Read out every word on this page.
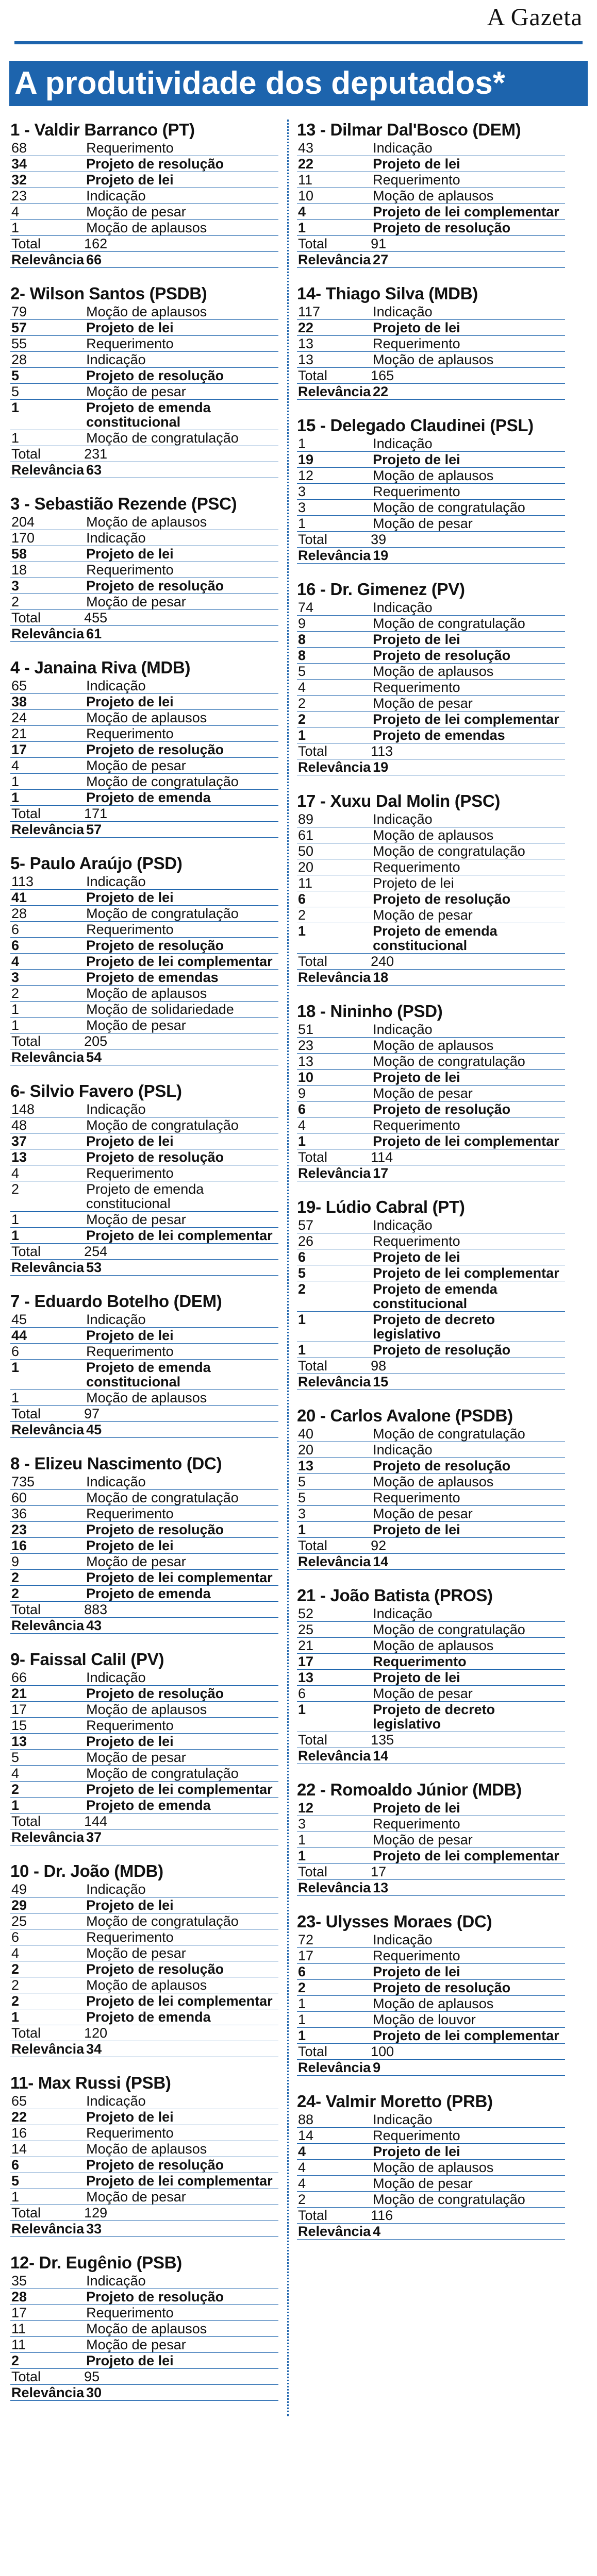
A Gazeta
A produtividade dos deputados*
1 - Valdir Barranco (PT)
68	Requerimento
34	Projeto de resolução
32	Projeto de lei
23	Indicação
4	Moção de pesar
1	Moção de aplausos
Total	162
Relevância	66
2- Wilson Santos (PSDB)
79	Moção de aplausos
57	Projeto de lei
55	Requerimento
28	Indicação
5	Projeto de resolução
5	Moção de pesar
1	Projeto de emenda constitucional
1	Moção de congratulação
Total	231
Relevância	63
3 - Sebastião Rezende (PSC)
204	Moção de aplausos
170	Indicação
58	Projeto de lei
18	Requerimento
3	Projeto de resolução
2	Moção de pesar
Total	455
Relevância	61
4 - Janaina Riva (MDB)
65	Indicação
38	Projeto de lei
24	Moção de aplausos
21	Requerimento
17	Projeto de resolução
4	Moção de pesar
1	Moção de congratulação
1	Projeto de emenda
Total	171
Relevância	57
5- Paulo Araújo (PSD)
113	Indicação
41	Projeto de lei
28	Moção de congratulação
6	Requerimento
6	Projeto de resolução
4	Projeto de lei complementar
3	Projeto de emendas
2	Moção de aplausos
1	Moção de solidariedade
1	Moção de pesar
Total	205
Relevância	54
6- Silvio Favero (PSL)
148	Indicação
48	Moção de congratulação
37	Projeto de lei
13	Projeto de resolução
4	Requerimento
2	Projeto de emenda constitucional
1	Moção de pesar
1	Projeto de lei complementar
Total	254
Relevância	53
7 - Eduardo Botelho (DEM)
45	Indicação
44	Projeto de lei
6	Requerimento
1	Projeto de emenda constitucional
1	Moção de aplausos
Total	97
Relevância	45
8 - Elizeu Nascimento (DC)
735	Indicação
60	Moção de congratulação
36	Requerimento
23	Projeto de resolução
16	Projeto de lei
9	Moção de pesar
2	Projeto de lei complementar
2	Projeto de emenda
Total	883
Relevância	43
9- Faissal Calil (PV)
66	Indicação
21	Projeto de resolução
17	Moção de aplausos
15	Requerimento
13	Projeto de lei
5	Moção de pesar
4	Moção de congratulação
2	Projeto de lei complementar
1	Projeto de emenda
Total	144
Relevância	37
10 - Dr. João (MDB)
49	Indicação
29	Projeto de lei
25	Moção de congratulação
6	Requerimento
4	Moção de pesar
2	Projeto de resolução
2	Moção de aplausos
2	Projeto de lei complementar
1	Projeto de emenda
Total	120
Relevância	34
11- Max Russi (PSB)
65	Indicação
22	Projeto de lei
16	Requerimento
14	Moção de aplausos
6	Projeto de resolução
5	Projeto de lei complementar
1	Moção de pesar
Total	129
Relevância	33
12- Dr. Eugênio (PSB)
35	Indicação
28	Projeto de resolução
17	Requerimento
11	Moção de aplausos
11	Moção de pesar
2	Projeto de lei
Total	95
Relevância	30
13 - Dilmar Dal'Bosco (DEM)
43	Indicação
22	Projeto de lei
11	Requerimento
10	Moção de aplausos
4	Projeto de lei complementar
1	Projeto de resolução
Total	91
Relevância	27
14- Thiago Silva (MDB)
117	Indicação
22	Projeto de lei
13	Requerimento
13	Moção de aplausos
Total	165
Relevância	22
15 - Delegado Claudinei (PSL)
1	Indicação
19	Projeto de lei
12	Moção de aplausos
3	Requerimento
3	Moção de congratulação
1	Moção de pesar
Total	39
Relevância	19
16 - Dr. Gimenez (PV)
74	Indicação
9	Moção de congratulação
8	Projeto de lei
8	Projeto de resolução
5	Moção de aplausos
4	Requerimento
2	Moção de pesar
2	Projeto de lei complementar
1	Projeto de emendas
Total	113
Relevância	19
17 - Xuxu Dal Molin (PSC)
89	Indicação
61	Moção de aplausos
50	Moção de congratulação
20	Requerimento
11	Projeto de lei
6	Projeto de resolução
2	Moção de pesar
1	Projeto de emenda constitucional
Total	240
Relevância	18
18 - Nininho (PSD)
51	Indicação
23	Moção de aplausos
13	Moção de congratulação
10	Projeto de lei
9	Moção de pesar
6	Projeto de resolução
4	Requerimento
1	Projeto de lei complementar
Total	114
Relevância	17
19- Lúdio Cabral (PT)
57	Indicação
26	Requerimento
6	Projeto de lei
5	Projeto de lei complementar
2	Projeto de emenda constitucional
1	Projeto de decreto legislativo
1	Projeto de resolução
Total	98
Relevância	15
20 - Carlos Avalone (PSDB)
40	Moção de congratulação
20	Indicação
13	Projeto de resolução
5	Moção de aplausos
5	Requerimento
3	Moção de pesar
1	Projeto de lei
Total	92
Relevância	14
21 - João Batista (PROS)
52	Indicação
25	Moção de congratulação
21	Moção de aplausos
17	Requerimento
13	Projeto de lei
6	Moção de pesar
1	Projeto de decreto legislativo
Total	135
Relevância	14
22 - Romoaldo Júnior (MDB)
12	Projeto de lei
3	Requerimento
1	Moção de pesar
1	Projeto de lei complementar
Total	17
Relevância	13
23- Ulysses Moraes (DC)
72	Indicação
17	Requerimento
6	Projeto de lei
2	Projeto de resolução
1	Moção de aplausos
1	Moção de louvor
1	Projeto de lei complementar
Total	100
Relevância	9
24- Valmir Moretto (PRB)
88	Indicação
14	Requerimento
4	Projeto de lei
4	Moção de aplausos
4	Moção de pesar
2	Moção de congratulação
Total	116
Relevância	4
